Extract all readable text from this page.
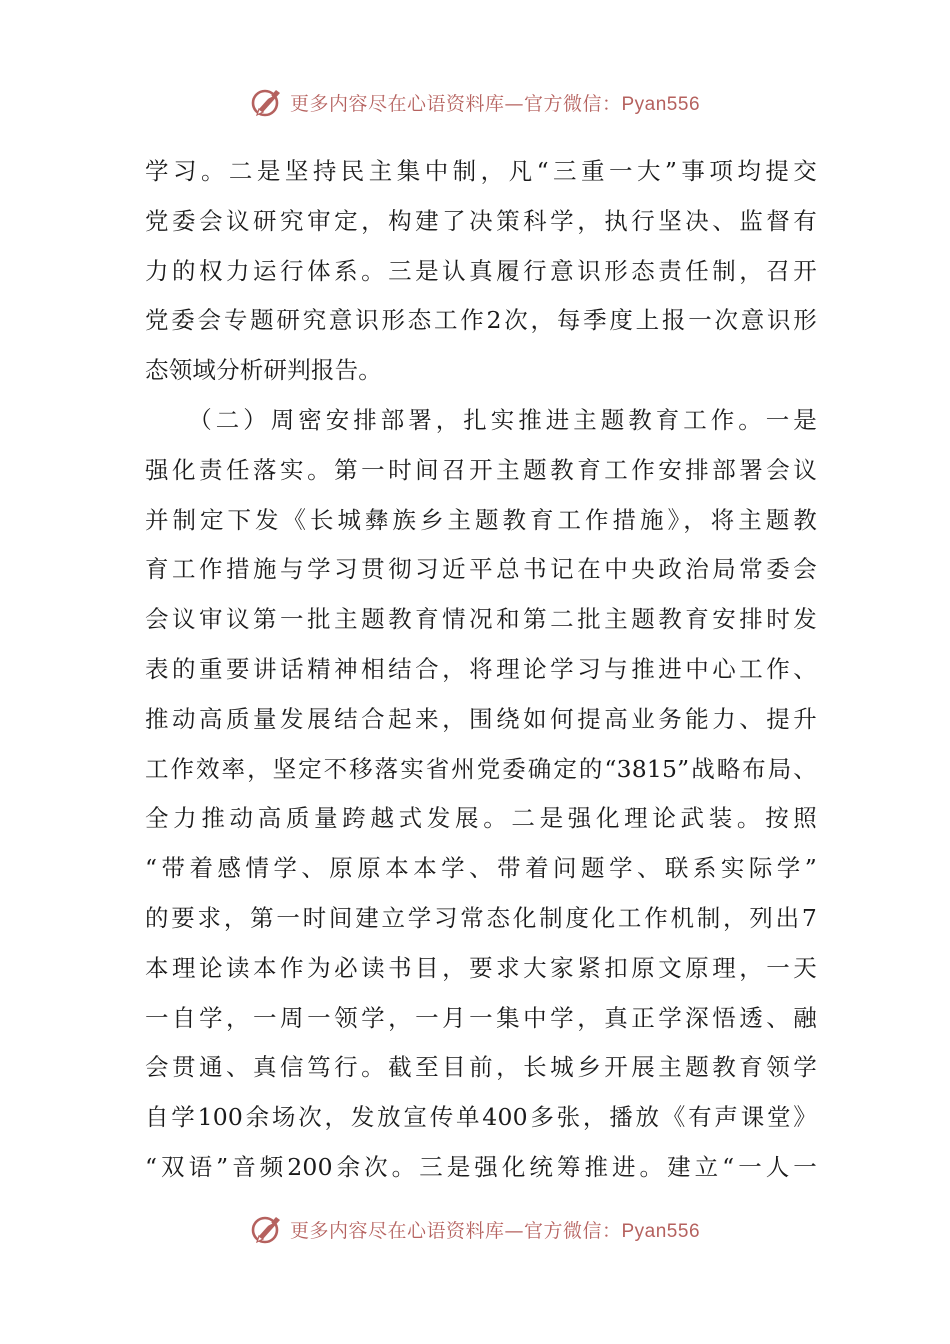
更多内容尽在心语资料库—官方微信：Pyan556
学习。二是坚持民主集中制，凡“三重一大”事项均提交
党委会议研究审定，构建了决策科学，执行坚决、监督有
力的权力运行体系。三是认真履行意识形态责任制，召开
党委会专题研究意识形态工作2次，每季度上报一次意识形
态领域分析研判报告。
　　（二）周密安排部署，扎实推进主题教育工作。一是
强化责任落实。第一时间召开主题教育工作安排部署会议
并制定下发《长城彝族乡主题教育工作措施》，将主题教
育工作措施与学习贯彻习近平总书记在中央政治局常委会
会议审议第一批主题教育情况和第二批主题教育安排时发
表的重要讲话精神相结合，将理论学习与推进中心工作、
推动高质量发展结合起来，围绕如何提高业务能力、提升
工作效率，坚定不移落实省州党委确定的“3815”战略布局、
全力推动高质量跨越式发展。二是强化理论武装。按照
“带着感情学、原原本本学、带着问题学、联系实际学”
的要求，第一时间建立学习常态化制度化工作机制，列出7
本理论读本作为必读书目，要求大家紧扣原文原理，一天
一自学，一周一领学，一月一集中学，真正学深悟透、融
会贯通、真信笃行。截至目前，长城乡开展主题教育领学
自学100余场次，发放宣传单400多张，播放《有声课堂》
“双语”音频200余次。三是强化统筹推进。建立“一人一
更多内容尽在心语资料库—官方微信：Pyan556
